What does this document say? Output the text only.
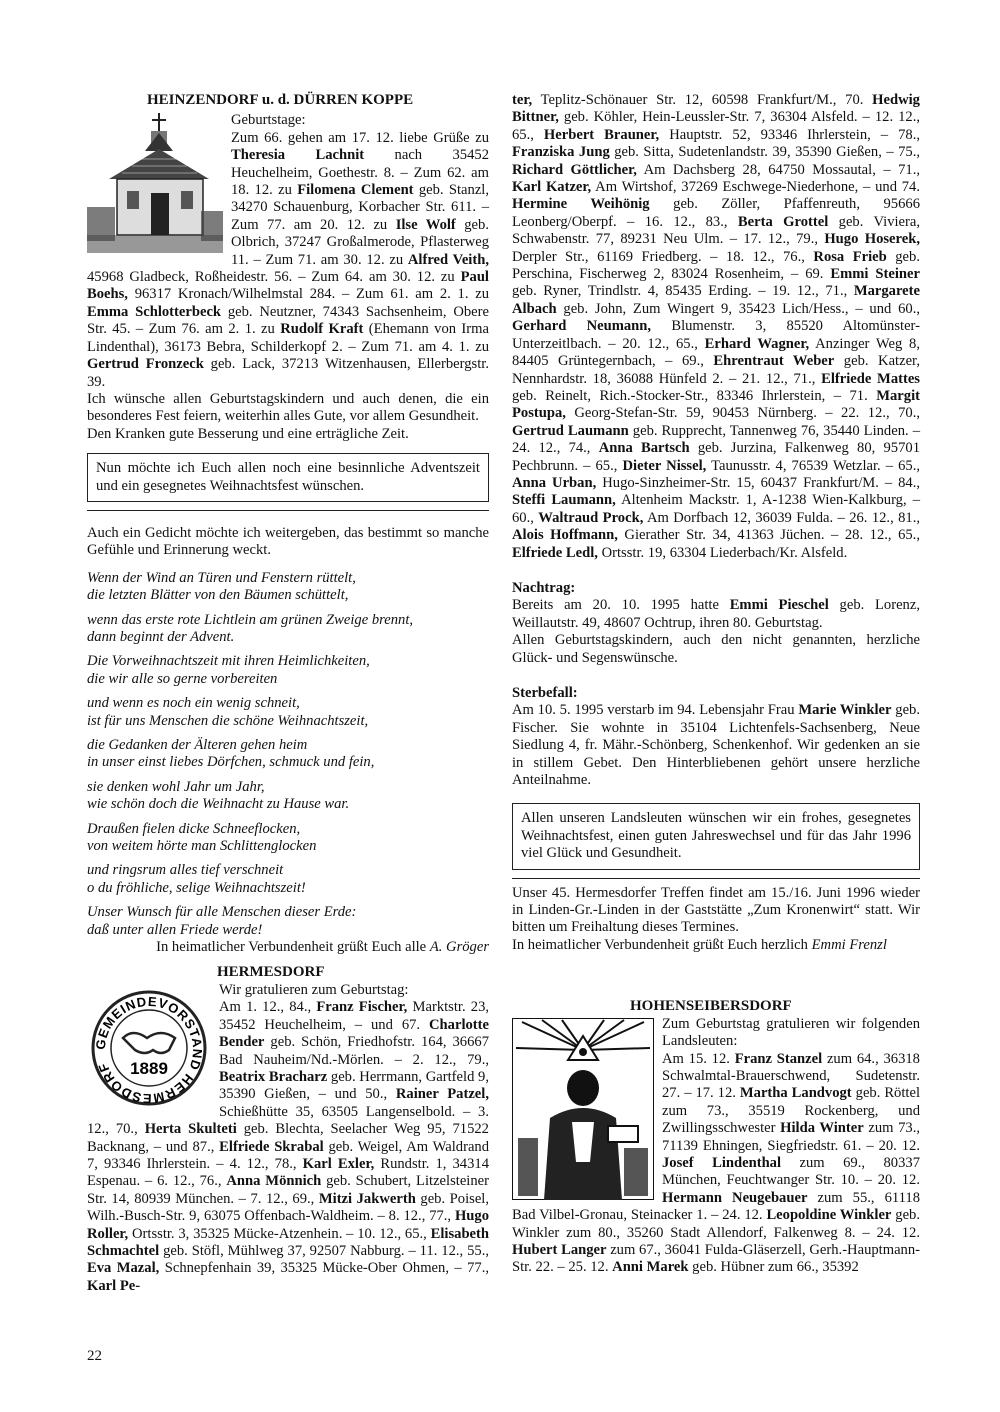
HEINZENDORF u. d. DÜRREN KOPPE

Geburtstage:

Zum 66. gehen am 17. 12. liebe Grüße zu Theresia Lachnit nach 35452 Heuchelheim, Goethestr. 8. – Zum 62. am 18. 12. zu Filomena Clement geb. Stanzl, 34270 Schauenburg, Korbacher Str. 611. – Zum 77. am 20. 12. zu Ilse Wolf geb. Olbrich, 37247 Großalmerode, Pflasterweg 11. – Zum 71. am 30. 12. zu Alfred Veith, 45968 Gladbeck, Roßheidestr. 56. – Zum 64. am 30. 12. zu Paul Boehs, 96317 Kronach/Wilhelmstal 284. – Zum 61. am 2. 1. zu Emma Schlotterbeck geb. Neutzner, 74343 Sachsenheim, Obere Str. 45. – Zum 76. am 2. 1. zu Rudolf Kraft (Ehemann von Irma Lindenthal), 36173 Bebra, Schilderkopf 2. – Zum 71. am 4. 1. zu Gertrud Fronzeck geb. Lack, 37213 Witzenhausen, Ellerbergstr. 39.

Ich wünsche allen Geburtstagskindern und auch denen, die ein besonderes Fest feiern, weiterhin alles Gute, vor allem Gesundheit.

Den Kranken gute Besserung und eine erträgliche Zeit.

Nun möchte ich Euch allen noch eine besinnliche Adventszeit und ein gesegnetes Weihnachtsfest wünschen.

Auch ein Gedicht möchte ich weitergeben, das bestimmt so manche Gefühle und Erinnerung weckt.

Wenn der Wind an Türen und Fenstern rüttelt,

die letzten Blätter von den Bäumen schüttelt,

wenn das erste rote Lichtlein am grünen Zweige brennt,

dann beginnt der Advent.

Die Vorweihnachtszeit mit ihren Heimlichkeiten,

die wir alle so gerne vorbereiten

und wenn es noch ein wenig schneit,

ist für uns Menschen die schöne Weihnachtszeit,

die Gedanken der Älteren gehen heim

in unser einst liebes Dörfchen, schmuck und fein,

sie denken wohl Jahr um Jahr,

wie schön doch die Weihnacht zu Hause war.

Draußen fielen dicke Schneeflocken,

von weitem hörte man Schlittenglocken

und ringsrum alles tief verschneit

o du fröhliche, selige Weihnachtszeit!

Unser Wunsch für alle Menschen dieser Erde:

daß unter allen Friede werde!

In heimatlicher Verbundenheit grüßt Euch alle A. Gröger

HERMESDORF
GEMEINDEVORSTAND HERMESDORF	1889

Wir gratulieren zum Geburtstag:

Am 1. 12., 84., Franz Fischer, Marktstr. 23, 35452 Heuchelheim, – und 67. Charlotte Bender geb. Schön, Friedhofstr. 164, 36667 Bad Nauheim/Nd.-Mörlen. – 2. 12., 79., Beatrix Bracharz geb. Herrmann, Gartfeld 9, 35390 Gießen, – und 50., Rainer Patzel, Schießhütte 35, 63505 Langenselbold. – 3. 12., 70., Herta Skulteti geb. Blechta, Seelacher Weg 95, 71522 Backnang, – und 87., Elfriede Skrabal geb. Weigel, Am Waldrand 7, 93346 Ihrlerstein. – 4. 12., 78., Karl Exler, Rundstr. 1, 34314 Espenau. – 6. 12., 76., Anna Mönnich geb. Schubert, Litzelsteiner Str. 14, 80939 München. – 7. 12., 69., Mitzi Jakwerth geb. Poisel, Wilh.-Busch-Str. 9, 63075 Offenbach-Waldheim. – 8. 12., 77., Hugo Roller, Ortsstr. 3, 35325 Mücke-Atzenhein. – 10. 12., 65., Elisabeth Schmachtel geb. Stöfl, Mühlweg 37, 92507 Nabburg. – 11. 12., 55., Eva Mazal, Schnepfenhain 39, 35325 Mücke-Ober Ohmen, – 77., Karl Pe-

ter, Teplitz-Schönauer Str. 12, 60598 Frankfurt/M., 70. Hedwig Bittner, geb. Köhler, Hein-Leussler-Str. 7, 36304 Alsfeld. – 12. 12., 65., Herbert Brauner, Hauptstr. 52, 93346 Ihrlerstein, – 78., Franziska Jung geb. Sitta, Sudetenlandstr. 39, 35390 Gießen, – 75., Richard Göttlicher, Am Dachsberg 28, 64750 Mossautal, – 71., Karl Katzer, Am Wirtshof, 37269 Eschwege-Niederhone, – und 74. Hermine Weihönig geb. Zöller, Pfaffenreuth, 95666 Leonberg/Oberpf. – 16. 12., 83., Berta Grottel geb. Viviera, Schwabenstr. 77, 89231 Neu Ulm. – 17. 12., 79., Hugo Hoserek, Derpler Str., 61169 Friedberg. – 18. 12., 76., Rosa Frieb geb. Perschina, Fischerweg 2, 83024 Rosenheim, – 69. Emmi Steiner geb. Ryner, Trindlstr. 4, 85435 Erding. – 19. 12., 71., Margarete Albach geb. John, Zum Wingert 9, 35423 Lich/Hess., – und 60., Gerhard Neumann, Blumenstr. 3, 85520 Altomünster-Unterzeitlbach. – 20. 12., 65., Erhard Wagner, Anzinger Weg 8, 84405 Grüntegernbach, – 69., Ehrentraut Weber geb. Katzer, Nennhardstr. 18, 36088 Hünfeld 2. – 21. 12., 71., Elfriede Mattes geb. Reinelt, Rich.-Stocker-Str., 83346 Ihrlerstein, – 71. Margit Postupa, Georg-Stefan-Str. 59, 90453 Nürnberg. – 22. 12., 70., Gertrud Laumann geb. Rupprecht, Tannenweg 76, 35440 Linden. – 24. 12., 74., Anna Bartsch geb. Jurzina, Falkenweg 80, 95701 Pechbrunn. – 65., Dieter Nissel, Taunusstr. 4, 76539 Wetzlar. – 65., Anna Urban, Hugo-Sinzheimer-Str. 15, 60437 Frankfurt/M. – 84., Steffi Laumann, Altenheim Mackstr. 1, A-1238 Wien-Kalkburg, – 60., Waltraud Prock, Am Dorfbach 12, 36039 Fulda. – 26. 12., 81., Alois Hoffmann, Gierather Str. 34, 41363 Jüchen. – 28. 12., 65., Elfriede Ledl, Ortsstr. 19, 63304 Liederbach/Kr. Alsfeld.

Nachtrag:

Bereits am 20. 10. 1995 hatte Emmi Pieschel geb. Lorenz, Weillautstr. 49, 48607 Ochtrup, ihren 80. Geburtstag.

Allen Geburtstagskindern, auch den nicht genannten, herzliche Glück- und Segenswünsche.

Sterbefall:

Am 10. 5. 1995 verstarb im 94. Lebensjahr Frau Marie Winkler geb. Fischer. Sie wohnte in 35104 Lichtenfels-Sachsenberg, Neue Siedlung 4, fr. Mähr.-Schönberg, Schenkenhof. Wir gedenken an sie in stillem Gebet. Den Hinterbliebenen gehört unsere herzliche Anteilnahme.

Allen unseren Landsleuten wünschen wir ein frohes, gesegnetes Weihnachtsfest, einen guten Jahreswechsel und für das Jahr 1996 viel Glück und Gesundheit.

Unser 45. Hermesdorfer Treffen findet am 15./16. Juni 1996 wieder in Linden-Gr.-Linden in der Gaststätte „Zum Kronenwirt“ statt. Wir bitten um Freihaltung dieses Termines.

In heimatlicher Verbundenheit grüßt Euch herzlich Emmi Frenzl

HOHENSEIBERSDORF

Zum Geburtstag gratulieren wir folgenden Landsleuten:

Am 15. 12. Franz Stanzel zum 64., 36318 Schwalmtal-Brauerschwend, Sudetenstr. 27. – 17. 12. Martha Landvogt geb. Röttel zum 73., 35519 Rockenberg, und Zwillingsschwester Hilda Winter zum 73., 71139 Ehningen, Siegfriedstr. 61. – 20. 12. Josef Lindenthal zum 69., 80337 München, Feuchtwanger Str. 10. – 20. 12. Hermann Neugebauer zum 55., 61118 Bad Vilbel-Gronau, Steinacker 1. – 24. 12. Leopoldine Winkler geb. Winkler zum 80., 35260 Stadt Allendorf, Falkenweg 8. – 24. 12. Hubert Langer zum 67., 36041 Fulda-Gläserzell, Gerh.-Hauptmann-Str. 22. – 25. 12. Anni Marek geb. Hübner zum 66., 35392

22
